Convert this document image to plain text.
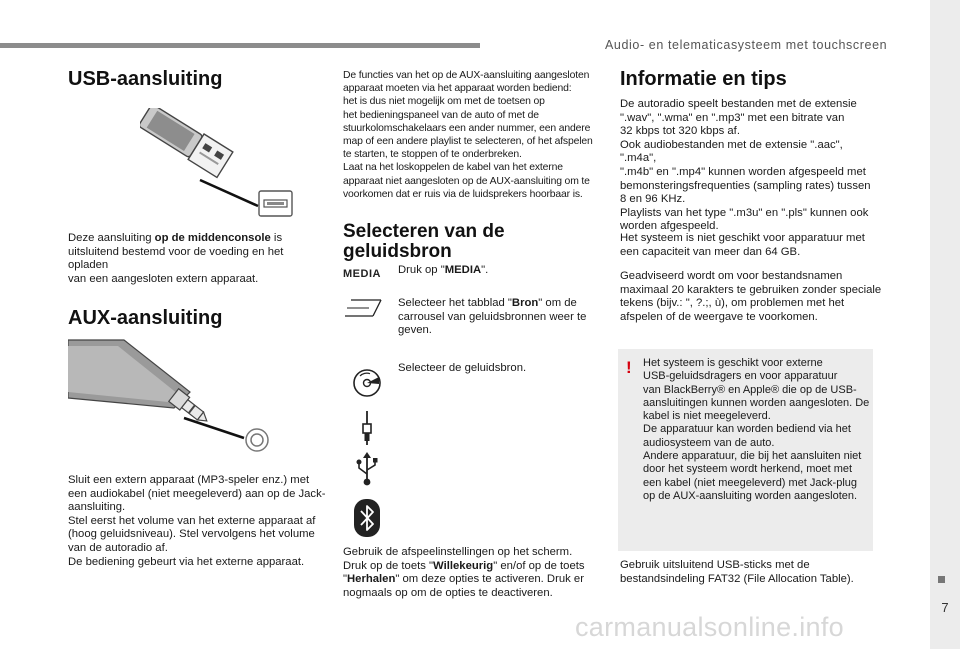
Audio- en telematicasysteem met touchscreen
7
USB-aansluiting
Deze aansluiting op de middenconsole is
uitsluitend bestemd voor de voeding en het opladen
van een aangesloten extern apparaat.
AUX-aansluiting
Sluit een extern apparaat (MP3-speler enz.) met
een audiokabel (niet meegeleverd) aan op de Jack-
aansluiting.
Stel eerst het volume van het externe apparaat af
(hoog geluidsniveau). Stel vervolgens het volume
van de autoradio af.
De bediening gebeurt via het externe apparaat.
De functies van het op de AUX-aansluiting aangesloten
apparaat moeten via het apparaat worden bediend:
het is dus niet mogelijk om met de toetsen op
het bedieningspaneel van de auto of met de
stuurkolomschakelaars een ander nummer, een andere
map of een andere playlist te selecteren, of het afspelen
te starten, te stoppen of te onderbreken.
Laat na het loskoppelen de kabel van het externe
apparaat niet aangesloten op de AUX-aansluiting om te
voorkomen dat er ruis via de luidsprekers hoorbaar is.
Selecteren van de
geluidsbron
MEDIA Druk op "MEDIA".
Selecteer het tabblad "Bron" om de
carrousel van geluidsbronnen weer te
geven.
Selecteer de geluidsbron.
Gebruik de afspeelinstellingen op het scherm.
Druk op de toets "Willekeurig" en/of op de toets
"Herhalen" om deze opties te activeren. Druk er
nogmaals op om de opties te deactiveren.
Informatie en tips
De autoradio speelt bestanden met de extensie
".wav", ".wma" en ".mp3" met een bitrate van
32 kbps tot 320 kbps af.
Ook audiobestanden met de extensie ".aac", ".m4a",
".m4b" en ".mp4" kunnen worden afgespeeld met
bemonsteringsfrequenties (sampling rates) tussen
8 en 96 KHz.
Playlists van het type ".m3u" en ".pls" kunnen ook
worden afgespeeld.
Het systeem is niet geschikt voor apparatuur met
een capaciteit van meer dan 64 GB.
Geadviseerd wordt om voor bestandsnamen
maximaal 20 karakters te gebruiken zonder speciale
tekens (bijv.: ", ?.;, ù), om problemen met het
afspelen of de weergave te voorkomen.
! Het systeem is geschikt voor externe
USB-geluidsdragers en voor apparatuur
van BlackBerry® en Apple® die op de USB-
aansluitingen kunnen worden aangesloten. De
kabel is niet meegeleverd.
De apparatuur kan worden bediend via het
audiosysteem van de auto.
Andere apparatuur, die bij het aansluiten niet
door het systeem wordt herkend, moet met
een kabel (niet meegeleverd) met Jack-plug
op de AUX-aansluiting worden aangesloten.
Gebruik uitsluitend USB-sticks met de
bestandsindeling FAT32 (File Allocation Table).
carmanualsonline.info
